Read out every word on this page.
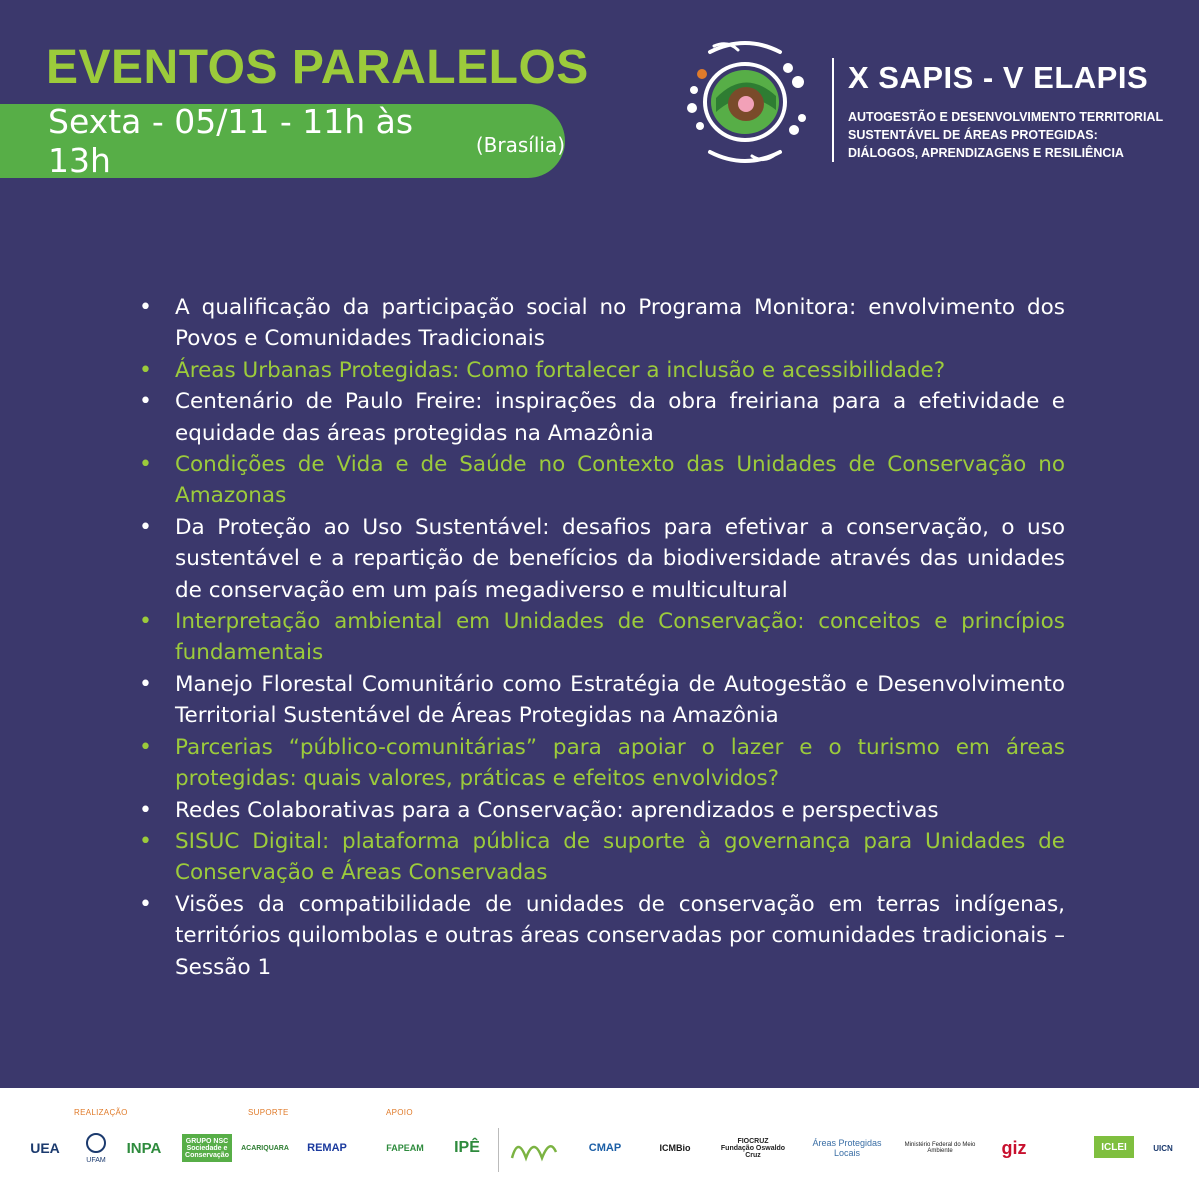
EVENTOS PARALELOS
Sexta - 05/11 - 11h às 13h	(Brasília)
X SAPIS - V ELAPIS
AUTOGESTÃO E DESENVOLVIMENTO TERRITORIAL SUSTENTÁVEL DE ÁREAS PROTEGIDAS: DIÁLOGOS, APRENDIZAGENS E RESILIÊNCIA
• A qualificação da participação social no Programa Monitora: envolvimento dos Povos e Comunidades Tradicionais
• Áreas Urbanas Protegidas: Como fortalecer a inclusão e acessibilidade?
• Centenário de Paulo Freire: inspirações da obra freiriana para a efetividade e equidade das áreas protegidas na Amazônia
• Condições de Vida e de Saúde no Contexto das Unidades de Conservação no Amazonas
• Da Proteção ao Uso Sustentável: desafios para efetivar a conservação, o uso sustentável e a repartição de benefícios da biodiversidade através das unidades de conservação em um país megadiverso e multicultural
• Interpretação ambiental em Unidades de Conservação: conceitos e princípios fundamentais
• Manejo Florestal Comunitário como Estratégia de Autogestão e Desenvolvimento Territorial Sustentável de Áreas Protegidas na Amazônia
• Parcerias “público-comunitárias” para apoiar o lazer e o turismo em áreas protegidas: quais valores, práticas e efeitos envolvidos?
• Redes Colaborativas para a Conservação: aprendizados e perspectivas
• SISUC Digital: plataforma pública de suporte à governança para Unidades de Conservação e Áreas Conservadas
• Visões da compatibilidade de unidades de conservação em terras indígenas, territórios quilombolas e outras áreas conservadas por comunidades tradicionais – Sessão 1
REALIZAÇÃO	SUPORTE	APOIO
UEA
UFAM
INPA	GRUPO NSC
Sociedade e Conservação
ACARIQUARA	REMAP	FAPEAM	IPÊ	CMAP	ICMBio
FIOCRUZ
Fundação Oswaldo Cruz
Áreas Protegidas Locais
Ministério Federal do Meio Ambiente	giz	ICLEI	UICN
